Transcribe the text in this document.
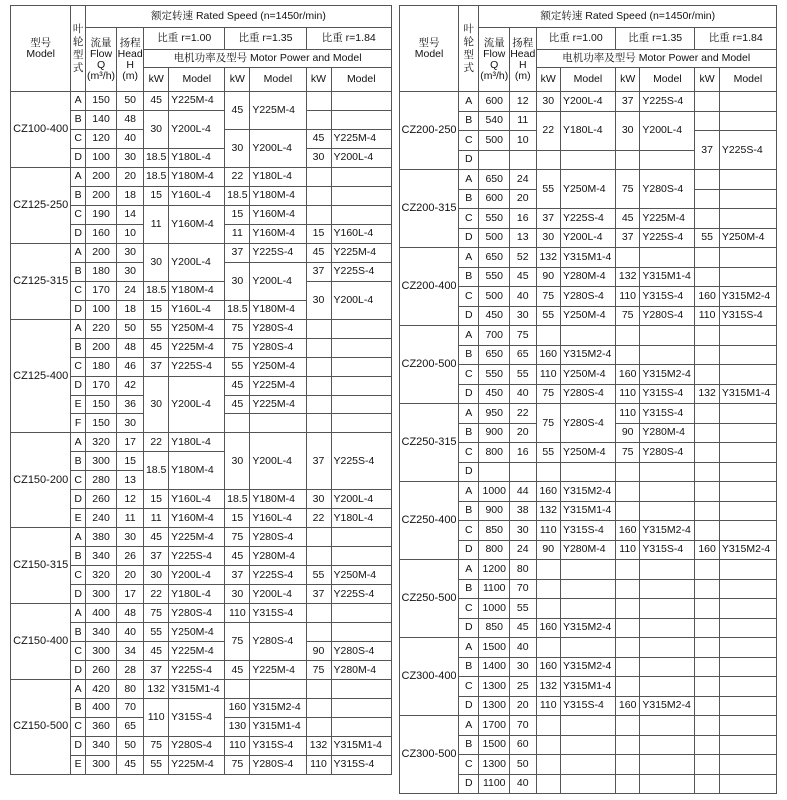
型号
Model	叶
轮
型
式	额定转速 Rated Speed (n=1450r/min)							
		流量
Flow
Q
(m³/h)	扬程
Head
H
(m)	比重 r=1.00		比重 r=1.35		比重 r=1.84	
				电机功率及型号 Motor Power and Model					
				kW	Model	kW	Model	kW	Model
CZ100-400	A	150	50	45	Y225M-4	45	Y225M-4		
	B	140	48	30	Y200L-4				
	C	120	40			30	Y200L-4	45	Y225M-4
	D	100	30	18.5	Y180L-4			30	Y200L-4
CZ125-250	A	200	20	18.5	Y180M-4	22	Y180L-4		
	B	200	18	15	Y160L-4	18.5	Y180M-4		
	C	190	14	11	Y160M-4	15	Y160M-4		
	D	160	10			11	Y160M-4	15	Y160L-4
CZ125-315	A	200	30	30	Y200L-4	37	Y225S-4	45	Y225M-4
	B	180	30			30	Y200L-4	37	Y225S-4
	C	170	24	18.5	Y180M-4			30	Y200L-4
	D	100	18	15	Y160L-4	18.5	Y180M-4		
CZ125-400	A	220	50	55	Y250M-4	75	Y280S-4		
	B	200	48	45	Y225M-4	75	Y280S-4		
	C	180	46	37	Y225S-4	55	Y250M-4		
	D	170	42	30	Y200L-4	45	Y225M-4		
	E	150	36			45	Y225M-4		
	F	150	30						
CZ150-200	A	320	17	22	Y180L-4	30	Y200L-4	37	Y225S-4
	B	300	15	18.5	Y180M-4				
	C	280	13						
	D	260	12	15	Y160L-4	18.5	Y180M-4	30	Y200L-4
	E	240	11	11	Y160M-4	15	Y160L-4	22	Y180L-4
CZ150-315	A	380	30	45	Y225M-4	75	Y280S-4		
	B	340	26	37	Y225S-4	45	Y280M-4		
	C	320	20	30	Y200L-4	37	Y225S-4	55	Y250M-4
	D	300	17	22	Y180L-4	30	Y200L-4	37	Y225S-4
CZ150-400	A	400	48	75	Y280S-4	110	Y315S-4		
	B	340	40	55	Y250M-4	75	Y280S-4		
	C	300	34	45	Y225M-4			90	Y280S-4
	D	260	28	37	Y225S-4	45	Y225M-4	75	Y280M-4
CZ150-500	A	420	80	132	Y315M1-4				
	B	400	70	110	Y315S-4	160	Y315M2-4		
	C	360	65			130	Y315M1-4		
	D	340	50	75	Y280S-4	110	Y315S-4	132	Y315M1-4
	E	300	45	55	Y225M-4	75	Y280S-4	110	Y315S-4
型号
Model	叶
轮
型
式	额定转速 Rated Speed (n=1450r/min)							
		流量
Flow
Q
(m³/h)	扬程
Head
H
(m)	比重 r=1.00		比重 r=1.35		比重 r=1.84	
				电机功率及型号 Motor Power and Model					
				kW	Model	kW	Model	kW	Model
CZ200-250	A	600	12	30	Y200L-4	37	Y225S-4		
	B	540	11	22	Y180L-4	30	Y200L-4		
	C	500	10					37	Y225S-4
	D								
CZ200-315	A	650	24	55	Y250M-4	75	Y280S-4		
	B	600	20						
	C	550	16	37	Y225S-4	45	Y225M-4		
	D	500	13	30	Y200L-4	37	Y225S-4	55	Y250M-4
CZ200-400	A	650	52	132	Y315M1-4				
	B	550	45	90	Y280M-4	132	Y315M1-4		
	C	500	40	75	Y280S-4	110	Y315S-4	160	Y315M2-4
	D	450	30	55	Y250M-4	75	Y280S-4	110	Y315S-4
CZ200-500	A	700	75						
	B	650	65	160	Y315M2-4				
	C	550	55	110	Y250M-4	160	Y315M2-4		
	D	450	40	75	Y280S-4	110	Y315S-4	132	Y315M1-4
CZ250-315	A	950	22	75	Y280S-4	110	Y315S-4		
	B	900	20			90	Y280M-4		
	C	800	16	55	Y250M-4	75	Y280S-4		
	D								
CZ250-400	A	1000	44	160	Y315M2-4				
	B	900	38	132	Y315M1-4				
	C	850	30	110	Y315S-4	160	Y315M2-4		
	D	800	24	90	Y280M-4	110	Y315S-4	160	Y315M2-4
CZ250-500	A	1200	80						
	B	1100	70						
	C	1000	55						
	D	850	45	160	Y315M2-4				
CZ300-400	A	1500	40						
	B	1400	30	160	Y315M2-4				
	C	1300	25	132	Y315M1-4				
	D	1300	20	110	Y315S-4	160	Y315M2-4		
CZ300-500	A	1700	70						
	B	1500	60						
	C	1300	50						
	D	1100	40						
